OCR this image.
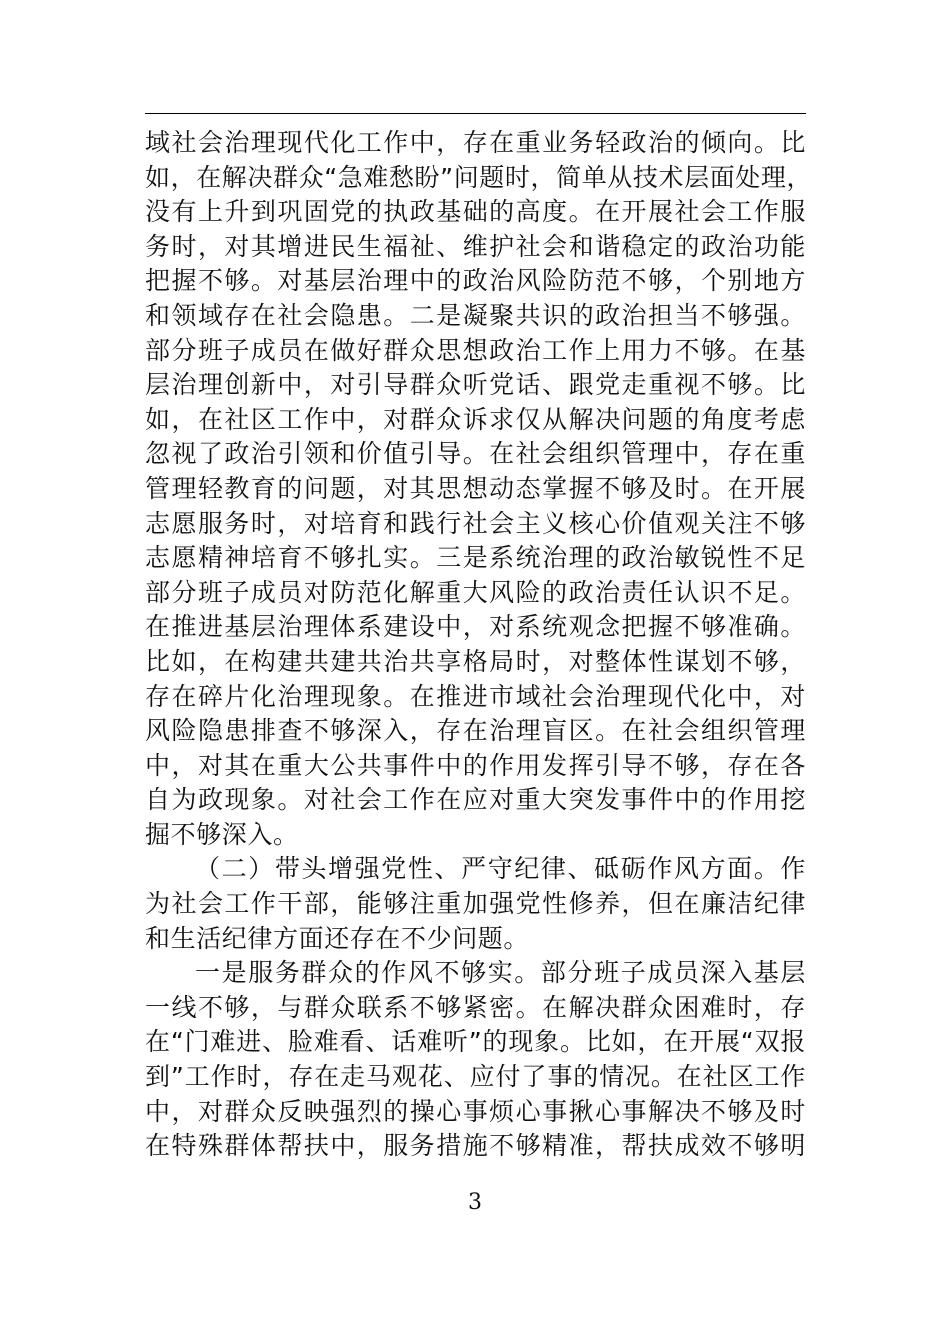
域社会治理现代化工作中，存在重业务轻政治的倾向。比
如，在解决群众“急难愁盼”问题时，简单从技术层面处理，
没有上升到巩固党的执政基础的高度。在开展社会工作服
务时，对其增进民生福祉、维护社会和谐稳定的政治功能
把握不够。对基层治理中的政治风险防范不够，个别地方
和领域存在社会隐患。二是凝聚共识的政治担当不够强。
部分班子成员在做好群众思想政治工作上用力不够。在基
层治理创新中，对引导群众听党话、跟党走重视不够。比
如，在社区工作中，对群众诉求仅从解决问题的角度考虑
忽视了政治引领和价值引导。在社会组织管理中，存在重
管理轻教育的问题，对其思想动态掌握不够及时。在开展
志愿服务时，对培育和践行社会主义核心价值观关注不够
志愿精神培育不够扎实。三是系统治理的政治敏锐性不足
部分班子成员对防范化解重大风险的政治责任认识不足。
在推进基层治理体系建设中，对系统观念把握不够准确。
比如，在构建共建共治共享格局时，对整体性谋划不够，
存在碎片化治理现象。在推进市域社会治理现代化中，对
风险隐患排查不够深入，存在治理盲区。在社会组织管理
中，对其在重大公共事件中的作用发挥引导不够，存在各
自为政现象。对社会工作在应对重大突发事件中的作用挖
掘不够深入。
（二）带头增强党性、严守纪律、砥砺作风方面。作
为社会工作干部，能够注重加强党性修养，但在廉洁纪律
和生活纪律方面还存在不少问题。
一是服务群众的作风不够实。部分班子成员深入基层
一线不够，与群众联系不够紧密。在解决群众困难时，存
在“门难进、脸难看、话难听”的现象。比如，在开展“双报
到”工作时，存在走马观花、应付了事的情况。在社区工作
中，对群众反映强烈的操心事烦心事揪心事解决不够及时
在特殊群体帮扶中，服务措施不够精准，帮扶成效不够明
3
